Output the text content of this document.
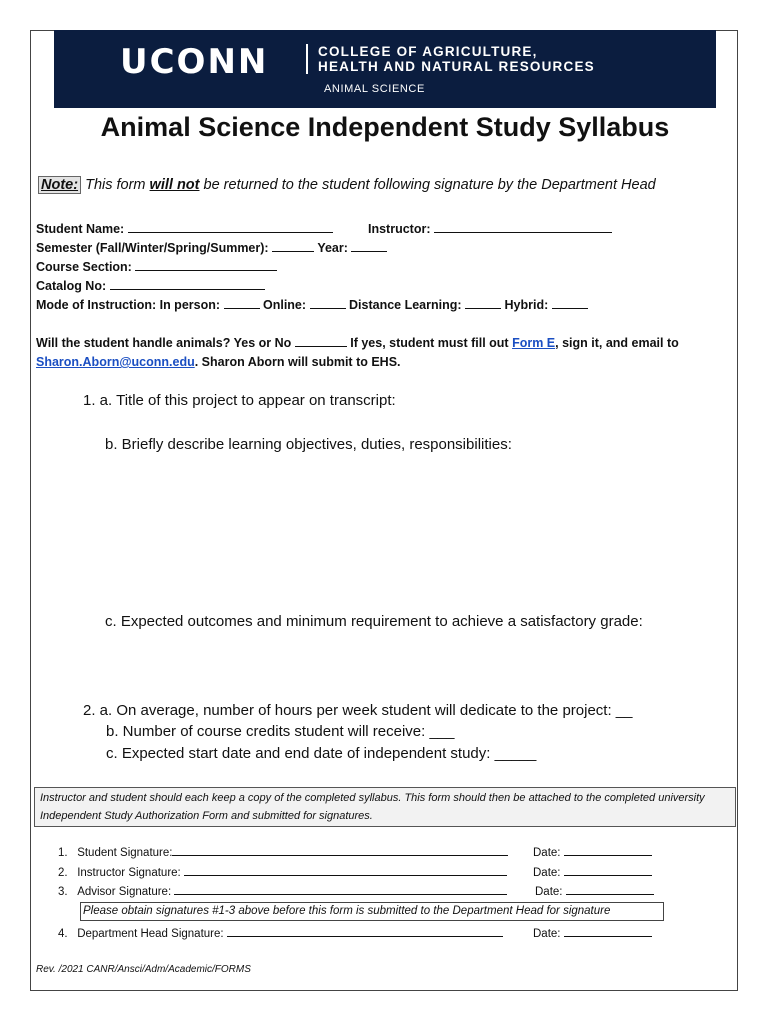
UCONN	COLLEGE OF AGRICULTURE,
HEALTH AND NATURAL RESOURCES
ANIMAL SCIENCE
Animal Science Independent Study Syllabus
Note: This form will not be returned to the student following signature by the Department Head
Student Name:	Instructor:
Semester (Fall/Winter/Spring/Summer):	Year:
Course Section:
Catalog No:
Mode of Instruction: In person:	Online:	Distance Learning:	Hybrid:
Will the student handle animals? Yes or No	If yes, student must fill out Form E, sign it, and email to
Sharon.Aborn@uconn.edu. Sharon Aborn will submit to EHS.
1. a. Title of this project to appear on transcript:
b. Briefly describe learning objectives, duties, responsibilities:
c. Expected outcomes and minimum requirement to achieve a satisfactory grade:
2. a. On average, number of hours per week student will dedicate to the project: __
b. Number of course credits student will receive: ___
c. Expected start date and end date of independent study: _____
Instructor and student should each keep a copy of the completed syllabus. This form should then be attached to the completed university Independent Study Authorization Form and submitted for signatures.
1. Student Signature:	Date:
2. Instructor Signature:	Date:
3. Advisor Signature:	Date:
Please obtain signatures #1-3 above before this form is submitted to the Department Head for signature
4. Department Head Signature:	Date:
Rev. /2021 CANR/Ansci/Adm/Academic/FORMS
